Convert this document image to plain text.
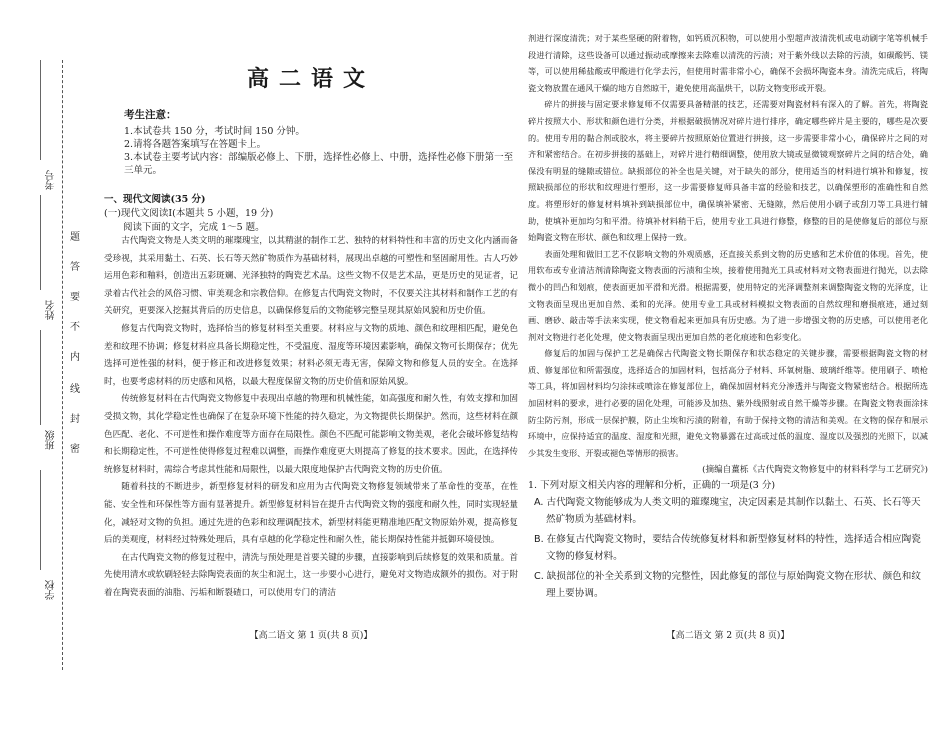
考号
姓名
班级
学校
题
答
要
不
内
线
封
密
高二语文
考生注意：
1.本试卷共 150 分，考试时间 150 分钟。
2.请将各题答案填写在答题卡上。
3.本试卷主要考试内容：部编版必修上、下册，选择性必修上、中册，选择性必修下册第一至三单元。
一、现代文阅读(35 分)
(一)现代文阅读Ⅰ(本题共 5 小题，19 分)
阅读下面的文字，完成 1～5 题。

古代陶瓷文物是人类文明的璀璨瑰宝，以其精湛的制作工艺、独特的材料特性和丰富的历史文化内涵而备受珍视，其采用黏土、石英、长石等天然矿物质作为基础材料，展现出卓越的可塑性和坚固耐用性。古人巧妙运用色彩和釉料，创造出五彩斑斓、光泽独特的陶瓷艺术品。这些文物不仅是艺术品，更是历史的见证者，记录着古代社会的风俗习惯、审美观念和宗教信仰。在修复古代陶瓷文物时，不仅要关注其材料和制作工艺的有关研究，更要深入挖掘其背后的历史信息，以确保修复后的文物能够完整呈现其原始风貌和历史价值。

修复古代陶瓷文物时，选择恰当的修复材料至关重要。材料应与文物的质地、颜色和纹理相匹配，避免色差和纹理不协调；修复材料应具备长期稳定性，不受温度、湿度等环境因素影响，确保文物可长期保存；优先选择可逆性强的材料，便于修正和改进修复效果；材料必须无毒无害，保障文物和修复人员的安全。在选择时，也要考虑材料的历史感和风格，以最大程度保留文物的历史价值和原始风貌。

传统修复材料在古代陶瓷文物修复中表现出卓越的物理和机械性能，如高强度和耐久性，有效支撑和加固受损文物，其化学稳定性也确保了在复杂环境下性能的持久稳定，为文物提供长期保护。然而，这些材料在颜色匹配、老化、不可逆性和操作难度等方面存在局限性。颜色不匹配可能影响文物美观，老化会破坏修复结构和长期稳定性，不可逆性使得修复过程难以调整，而操作难度更大则提高了修复的技术要求。因此，在选择传统修复材料时，需综合考虑其性能和局限性，以最大限度地保护古代陶瓷文物的历史价值。

随着科技的不断进步，新型修复材料的研发和应用为古代陶瓷文物修复领域带来了革命性的变革，在性能、安全性和环保性等方面有显著提升。新型修复材料旨在提升古代陶瓷文物的强度和耐久性，同时实现轻量化，减轻对文物的负担。通过先进的色彩和纹理调配技术，新型材料能更精准地匹配文物原始外观，提高修复后的美观度，材料经过特殊处理后，具有卓越的化学稳定性和耐久性，能长期保持性能并抵御环境侵蚀。

在古代陶瓷文物的修复过程中，清洗与预处理是首要关键的步骤，直接影响到后续修复的效果和质量。首先使用清水或软刷轻轻去除陶瓷表面的灰尘和泥土，这一步要小心进行，避免对文物造成额外的损伤。对于附着在陶瓷表面的油脂、污垢和断裂碴口，可以使用专门的清洁

剂进行深度清洗；对于某些坚硬的附着物，如钙质沉积物，可以使用小型超声波清洗机或电动刷字笔等机械手段进行清除，这些设备可以通过振动或摩擦来去除难以清洗的污渍；对于紫外线以去除的污渍，如碳酸钙、镁等，可以使用稀盐酸或甲酸进行化学去污，但使用时需非常小心，确保不会损坏陶瓷本身。清洗完成后，将陶瓷文物放置在通风干燥的地方自然晾干，避免使用高温烘干，以防文物变形或开裂。

碎片的拼接与固定要求修复师不仅需要具备精湛的技艺，还需要对陶瓷材料有深入的了解。首先，将陶瓷碎片按照大小、形状和颜色进行分类，并根据破损情况对碎片进行排序，确定哪些碎片是主要的，哪些是次要的。使用专用的黏合剂或胶水，将主要碎片按照原始位置进行拼接，这一步需要非常小心，确保碎片之间的对齐和紧密结合。在初步拼接的基础上，对碎片进行精细调整，使用放大镜或显微镜观察碎片之间的结合处，确保没有明显的缝隙或错位。缺损部位的补全也是关键，对于缺失的部分，使用适当的材料进行填补和修复，按照缺损部位的形状和纹理进行塑形，这一步需要修复师具备丰富的经验和技艺，以确保塑形的准确性和自然度。将塑形好的修复材料填补到缺损部位中，确保填补紧密、无缝隙，然后使用小刷子或刮刀等工具进行辅助，使填补更加均匀和平滑。待填补材料稍干后，使用专业工具进行修整，修整的目的是使修复后的部位与原始陶瓷文物在形状、颜色和纹理上保持一致。

表面处理和做旧工艺不仅影响文物的外观质感，还直接关系到文物的历史感和艺术价值的体现。首先，使用软布或专业清洁剂清除陶瓷文物表面的污渍和尘埃，接着使用抛光工具或材料对文物表面进行抛光，以去除微小的凹凸和划痕，使表面更加平滑和光滑。根据需要，使用特定的光泽调整剂来调整陶瓷文物的光泽度，让文物表面呈现出更加自然、柔和的光泽。使用专业工具或材料模拟文物表面的自然纹理和磨损痕迹，通过刻画、磨砂、敲击等手法来实现，使文物看起来更加具有历史感。为了进一步增强文物的历史感，可以使用老化剂对文物进行老化处理，使文物表面呈现出更加自然的老化痕迹和色彩变化。

修复后的加固与保护工艺是确保古代陶瓷文物长期保存和状态稳定的关键步骤，需要根据陶瓷文物的材质、修复部位和所需强度，选择适合的加固材料，包括高分子材料、环氧树脂、玻璃纤维等。使用刷子、喷枪等工具，将加固材料均匀涂抹或喷涂在修复部位上，确保加固材料充分渗透并与陶瓷文物紧密结合。根据所选加固材料的要求，进行必要的固化处理，可能涉及加热、紫外线照射或自然干燥等步骤。在陶瓷文物表面涂抹防尘防污剂，形成一层保护膜，防止尘埃和污渍的附着，有助于保持文物的清洁和美观。在文物的保存和展示环境中，应保持适宜的温度、湿度和光照，避免文物暴露在过高或过低的温度、湿度以及强烈的光照下，以减少其发生变形、开裂或褪色等情形的损害。

(摘编自薑栎《古代陶瓷文物修复中的材料科学与工艺研究》)
1. 下列对原文相关内容的理解和分析，正确的一项是(3 分)
A. 古代陶瓷文物能够成为人类文明的璀璨瑰宝，决定因素是其制作以黏土、石英、长石等天然矿物质为基础材料。
B. 在修复古代陶瓷文物时，要结合传统修复材料和新型修复材料的特性，选择适合相应陶瓷文物的修复材料。
C. 缺损部位的补全关系到文物的完整性，因此修复的部位与原始陶瓷文物在形状、颜色和纹理上要协调。
【高二语文 第 1 页(共 8 页)】	【高二语文 第 2 页(共 8 页)】
